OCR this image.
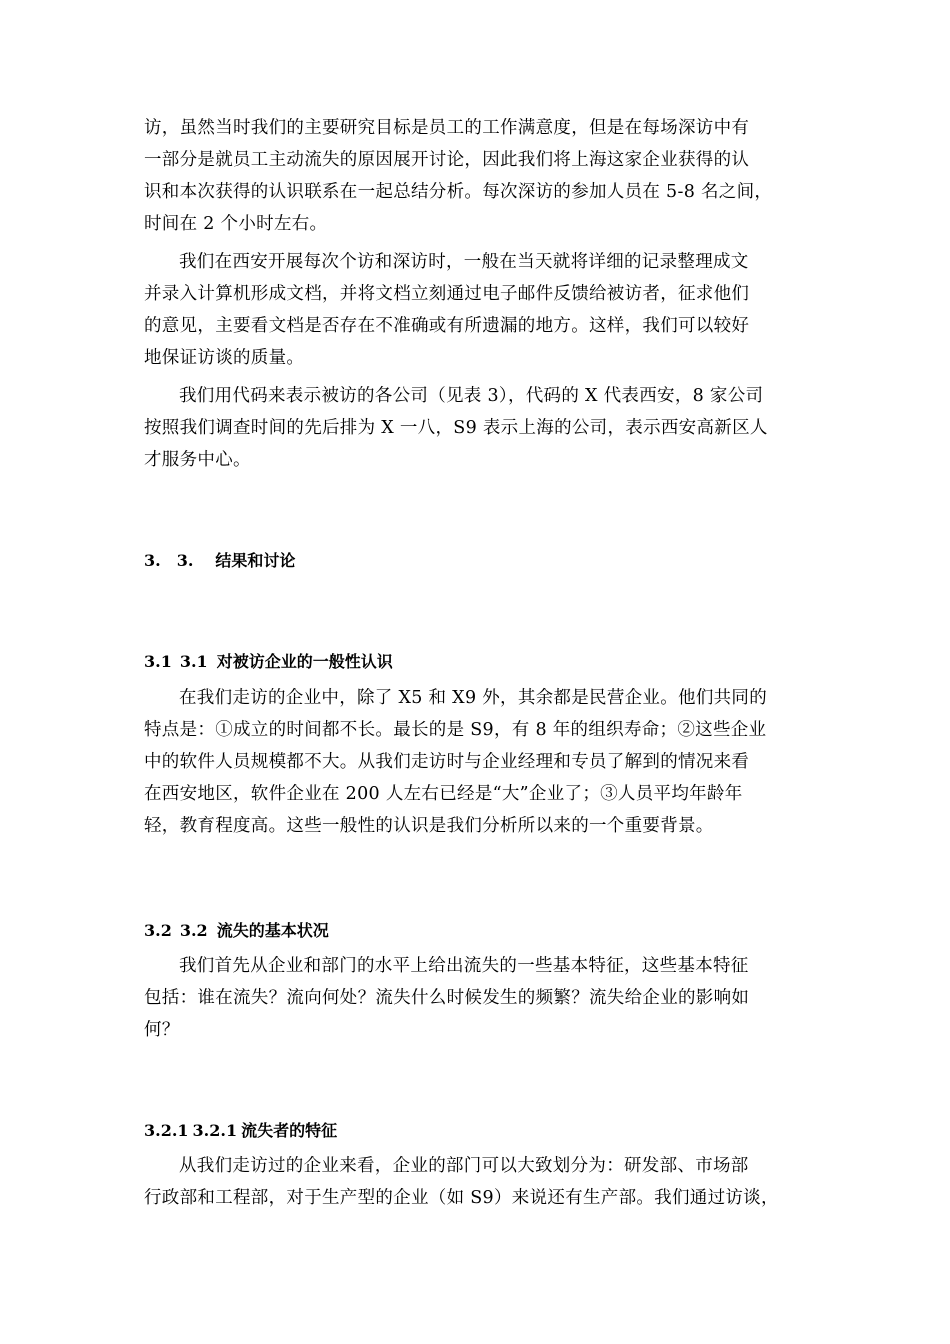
访，虽然当时我们的主要研究目标是员工的工作满意度，但是在每场深访中有
一部分是就员工主动流失的原因展开讨论，因此我们将上海这家企业获得的认
识和本次获得的认识联系在一起总结分析。每次深访的参加人员在 5-8 名之间，
时间在 2 个小时左右。
我们在西安开展每次个访和深访时，一般在当天就将详细的记录整理成文
并录入计算机形成文档，并将文档立刻通过电子邮件反馈给被访者，征求他们
的意见，主要看文档是否存在不准确或有所遗漏的地方。这样，我们可以较好
地保证访谈的质量。
我们用代码来表示被访的各公司（见表 3），代码的 X 代表西安，8 家公司
按照我们调查时间的先后排为 X 一八，S9 表示上海的公司，表示西安高新区人
才服务中心。
3. 3. 结果和讨论
3.1 3.1 对被访企业的一般性认识
在我们走访的企业中，除了 X5 和 X9 外，其余都是民营企业。他们共同的
特点是：①成立的时间都不长。最长的是 S9，有 8 年的组织寿命；②这些企业
中的软件人员规模都不大。从我们走访时与企业经理和专员了解到的情况来看
在西安地区，软件企业在 200 人左右已经是“大”企业了；③人员平均年龄年
轻，教育程度高。这些一般性的认识是我们分析所以来的一个重要背景。
3.2 3.2 流失的基本状况
我们首先从企业和部门的水平上给出流失的一些基本特征，这些基本特征
包括：谁在流失？流向何处？流失什么时候发生的频繁？流失给企业的影响如
何？
3.2.1 3.2.1 流失者的特征
从我们走访过的企业来看，企业的部门可以大致划分为：研发部、市场部
行政部和工程部，对于生产型的企业（如 S9）来说还有生产部。我们通过访谈，
